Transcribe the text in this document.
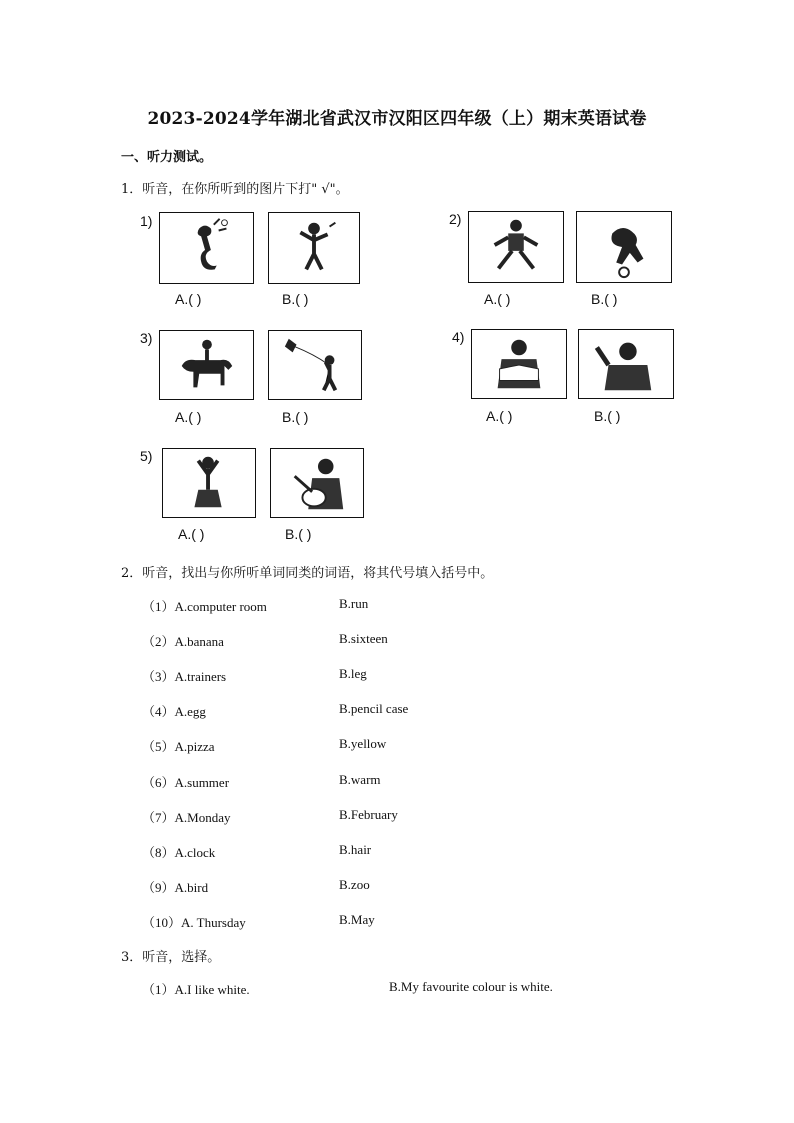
2023-2024学年湖北省武汉市汉阳区四年级（上）期末英语试卷
一、听力测试。
1．听音，在你所听到的图片下打" √"。
1)
A.( )	B.( )
2)
A.( )	B.( )
3)
A.( )	B.( )
4)
A.( )	B.( )
5)
A.( )	B.( )
2．听音，找出与你所听单词同类的词语，将其代号填入括号中。
（1）A.computer room	B.run
（2）A.banana	B.sixteen
（3）A.trainers	B.leg
（4）A.egg	B.pencil case
（5）A.pizza	B.yellow
（6）A.summer	B.warm
（7）A.Monday	B.February
（8）A.clock	B.hair
（9）A.bird	B.zoo
（10）A. Thursday	B.May
3．听音，选择。
（1）A.I like white.	B.My favourite colour is white.
